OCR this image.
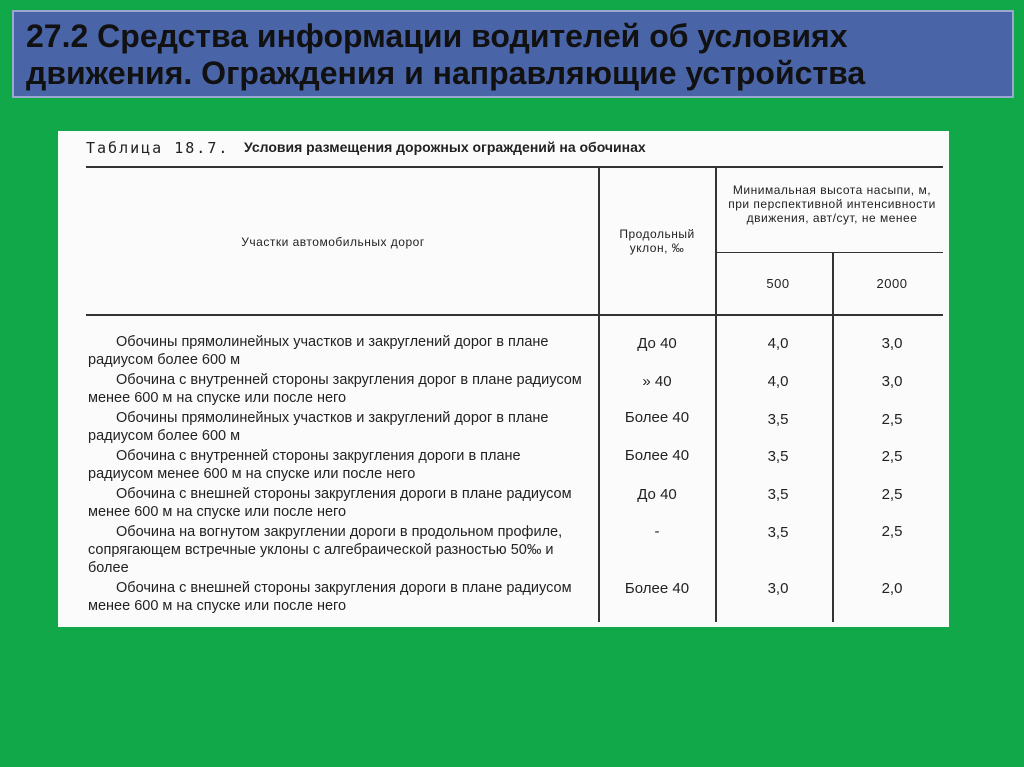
27.2 Средства информации водителей об условиях движения. Ограждения и направляющие устройства
Таблица 18.7. Условия размещения дорожных ограждений на обочинах
Участки автомобильных дорог
Продольный уклон, ‰
Минимальная высота насыпи, м, при перспективной интенсивности движения, авт/сут, не менее
500	2000
Обочины прямолинейных участков и закруглений дорог в плане радиусом более 600 м
До 40	4,0	3,0
Обочина с внутренней стороны закругления дорог в плане радиусом менее 600 м на спуске или после него
» 40	4,0	3,0
Обочины прямолинейных участков и закруглений дорог в плане радиусом более 600 м
Более 40	3,5	2,5
Обочина с внутренней стороны закругления дороги в плане радиусом менее 600 м на спуске или после него
Более 40	3,5	2,5
Обочина с внешней стороны закругления дороги в плане радиусом менее 600 м на спуске или после него
До 40	3,5	2,5
Обочина на вогнутом закруглении дороги в продольном профиле, сопрягающем встречные уклоны с алгебраической разностью 50‰ и более
-	3,5	2,5
Обочина с внешней стороны закругления дороги в плане радиусом менее 600 м на спуске или после него
Более 40	3,0	2,0
